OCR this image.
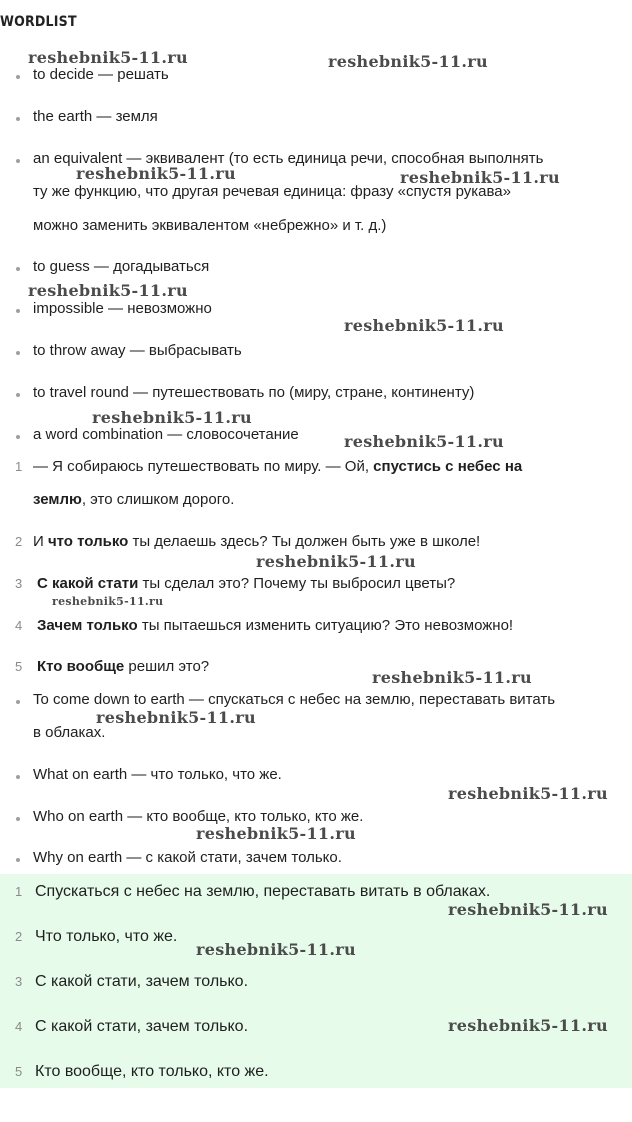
WORDLIST
to decide — решать
the earth — земля
an equivalent — эквивалент (то есть единица речи, способная выполнять
ту же функцию, что другая речевая единица: фразу «спустя рукава»
можно заменить эквивалентом «небрежно» и т. д.)
to guess — догадываться
impossible — невозможно
to throw away — выбрасывать
to travel round — путешествовать по (миру, стране, континенту)
a word combination — словосочетание
1 — Я собираюсь путешествовать по миру. — Ой, спустись с небес на
землю, это слишком дорого.
2 И что только ты делаешь здесь? Ты должен быть уже в школе!
3 С какой стати ты сделал это? Почему ты выбросил цветы?
4 Зачем только ты пытаешься изменить ситуацию? Это невозможно!
5 Кто вообще решил это?
To come down to earth — спускаться с небес на землю, переставать витать
в облаках.
What on earth — что только, что же.
Who on earth — кто вообще, кто только, кто же.
Why on earth — с какой стати, зачем только.
1 Спускаться с небес на землю, переставать витать в облаках.
2 Что только, что же.
3 С какой стати, зачем только.
4 С какой стати, зачем только.
5 Кто вообще, кто только, кто же.
reshebnik5-11.ru	reshebnik5-11.ru
reshebnik5-11.ru	reshebnik5-11.ru
reshebnik5-11.ru
reshebnik5-11.ru
reshebnik5-11.ru
reshebnik5-11.ru
reshebnik5-11.ru
reshebnik5-11.ru
reshebnik5-11.ru
reshebnik5-11.ru
reshebnik5-11.ru
reshebnik5-11.ru
reshebnik5-11.ru
reshebnik5-11.ru
reshebnik5-11.ru
